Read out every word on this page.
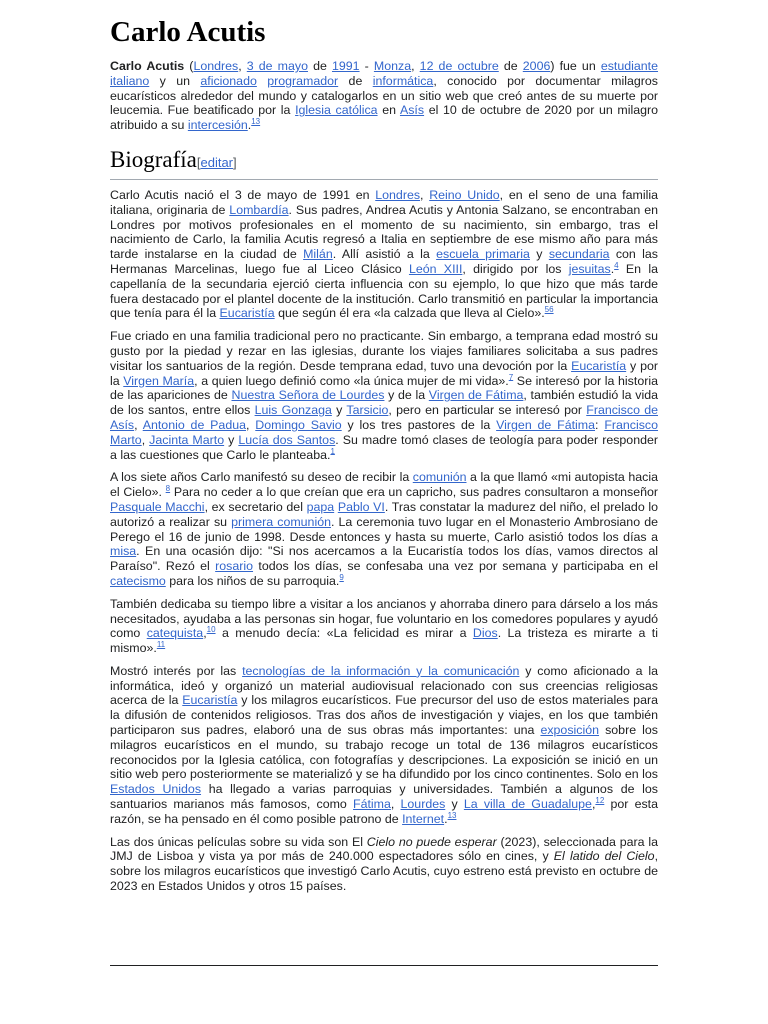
Carlo Acutis

Carlo Acutis (Londres, 3 de mayo de 1991 - Monza, 12 de octubre de 2006) fue un estudiante italiano y un aficionado programador de informática, conocido por documentar milagros eucarísticos alrededor del mundo y catalogarlos en un sitio web que creó antes de su muerte por leucemia. Fue beatificado por la Iglesia católica en Asís el 10 de octubre de 2020 por un milagro atribuido a su intercesión.$^{13}$

Biografía[editar]

Carlo Acutis nació el 3 de mayo de 1991 en Londres, Reino Unido, en el seno de una familia italiana, originaria de Lombardía. Sus padres, Andrea Acutis y Antonia Salzano, se encontraban en Londres por motivos profesionales en el momento de su nacimiento, sin embargo, tras el nacimiento de Carlo, la familia Acutis regresó a Italia en septiembre de ese mismo año para más tarde instalarse en la ciudad de Milán. Allí asistió a la escuela primaria y secundaria con las Hermanas Marcelinas, luego fue al Liceo Clásico León XIII, dirigido por los jesuitas.$^4$ En la capellanía de la secundaria ejerció cierta influencia con su ejemplo, lo que hizo que más tarde fuera destacado por el plantel docente de la institución. Carlo transmitió en particular la importancia que tenía para él la Eucaristía que según él era «la calzada que lleva al Cielo».$^{56}$

Fue criado en una familia tradicional pero no practicante. Sin embargo, a temprana edad mostró su gusto por la piedad y rezar en las iglesias, durante los viajes familiares solicitaba a sus padres visitar los santuarios de la región. Desde temprana edad, tuvo una devoción por la Eucaristía y por la Virgen María, a quien luego definió como «la única mujer de mi vida».$^7$ Se interesó por la historia de las apariciones de Nuestra Señora de Lourdes y de la Virgen de Fátima, también estudió la vida de los santos, entre ellos Luis Gonzaga y Tarsicio, pero en particular se interesó por Francisco de Asís, Antonio de Padua, Domingo Savio y los tres pastores de la Virgen de Fátima: Francisco Marto, Jacinta Marto y Lucía dos Santos. Su madre tomó clases de teología para poder responder a las cuestiones que Carlo le planteaba.$^1$

A los siete años Carlo manifestó su deseo de recibir la comunión a la que llamó «mi autopista hacia el Cielo». $^8$ Para no ceder a lo que creían que era un capricho, sus padres consultaron a monseñor Pasquale Macchi, ex secretario del papa Pablo VI. Tras constatar la madurez del niño, el prelado lo autorizó a realizar su primera comunión. La ceremonia tuvo lugar en el Monasterio Ambrosiano de Perego el 16 de junio de 1998. Desde entonces y hasta su muerte, Carlo asistió todos los días a misa. En una ocasión dijo: "Si nos acercamos a la Eucaristía todos los días, vamos directos al Paraíso". Rezó el rosario todos los días, se confesaba una vez por semana y participaba en el catecismo para los niños de su parroquia.$^9$

También dedicaba su tiempo libre a visitar a los ancianos y ahorraba dinero para dárselo a los más necesitados, ayudaba a las personas sin hogar, fue voluntario en los comedores populares y ayudó como catequista,$^{10}$ a menudo decía: «La felicidad es mirar a Dios. La tristeza es mirarte a ti mismo».$^{11}$

Mostró interés por las tecnologías de la información y la comunicación y como aficionado a la informática, ideó y organizó un material audiovisual relacionado con sus creencias religiosas acerca de la Eucaristía y los milagros eucarísticos. Fue precursor del uso de estos materiales para la difusión de contenidos religiosos. Tras dos años de investigación y viajes, en los que también participaron sus padres, elaboró una de sus obras más importantes: una exposición sobre los milagros eucarísticos en el mundo, su trabajo recoge un total de 136 milagros eucarísticos reconocidos por la Iglesia católica, con fotografías y descripciones. La exposición se inició en un sitio web pero posteriormente se materializó y se ha difundido por los cinco continentes. Solo en los Estados Unidos ha llegado a varias parroquias y universidades. También a algunos de los santuarios marianos más famosos, como Fátima, Lourdes y La villa de Guadalupe,$^{12}$ por esta razón, se ha pensado en él como posible patrono de Internet.$^{13}$

Las dos únicas películas sobre su vida son El Cielo no puede esperar (2023), seleccionada para la JMJ de Lisboa y vista ya por más de 240.000 espectadores sólo en cines, y El latido del Cielo, sobre los milagros eucarísticos que investigó Carlo Acutis, cuyo estreno está previsto en octubre de 2023 en Estados Unidos y otros 15 países.
